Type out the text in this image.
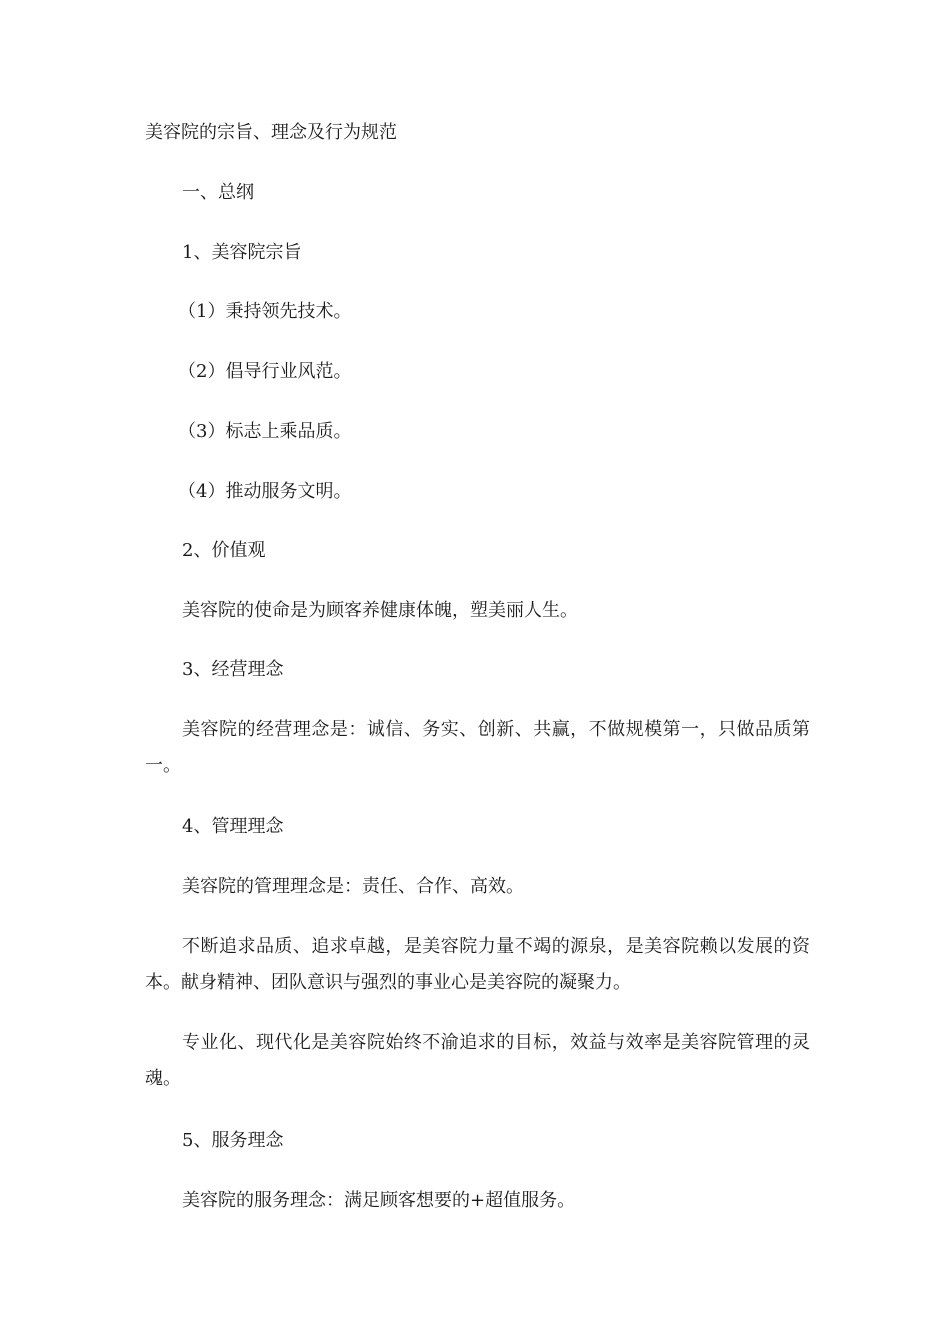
美容院的宗旨、理念及行为规范
一、总纲
1、美容院宗旨
（1）秉持领先技术。
（2）倡导行业风范。
（3）标志上乘品质。
（4）推动服务文明。
2、价值观
美容院的使命是为顾客养健康体魄，塑美丽人生。
3、经营理念
美容院的经营理念是：诚信、务实、创新、共赢，不做规模第一，只做品质第一。
4、管理理念
美容院的管理理念是：责任、合作、高效。
不断追求品质、追求卓越，是美容院力量不竭的源泉，是美容院赖以发展的资本。献身精神、团队意识与强烈的事业心是美容院的凝聚力。
专业化、现代化是美容院始终不渝追求的目标，效益与效率是美容院管理的灵魂。
5、服务理念
美容院的服务理念：满足顾客想要的+超值服务。
